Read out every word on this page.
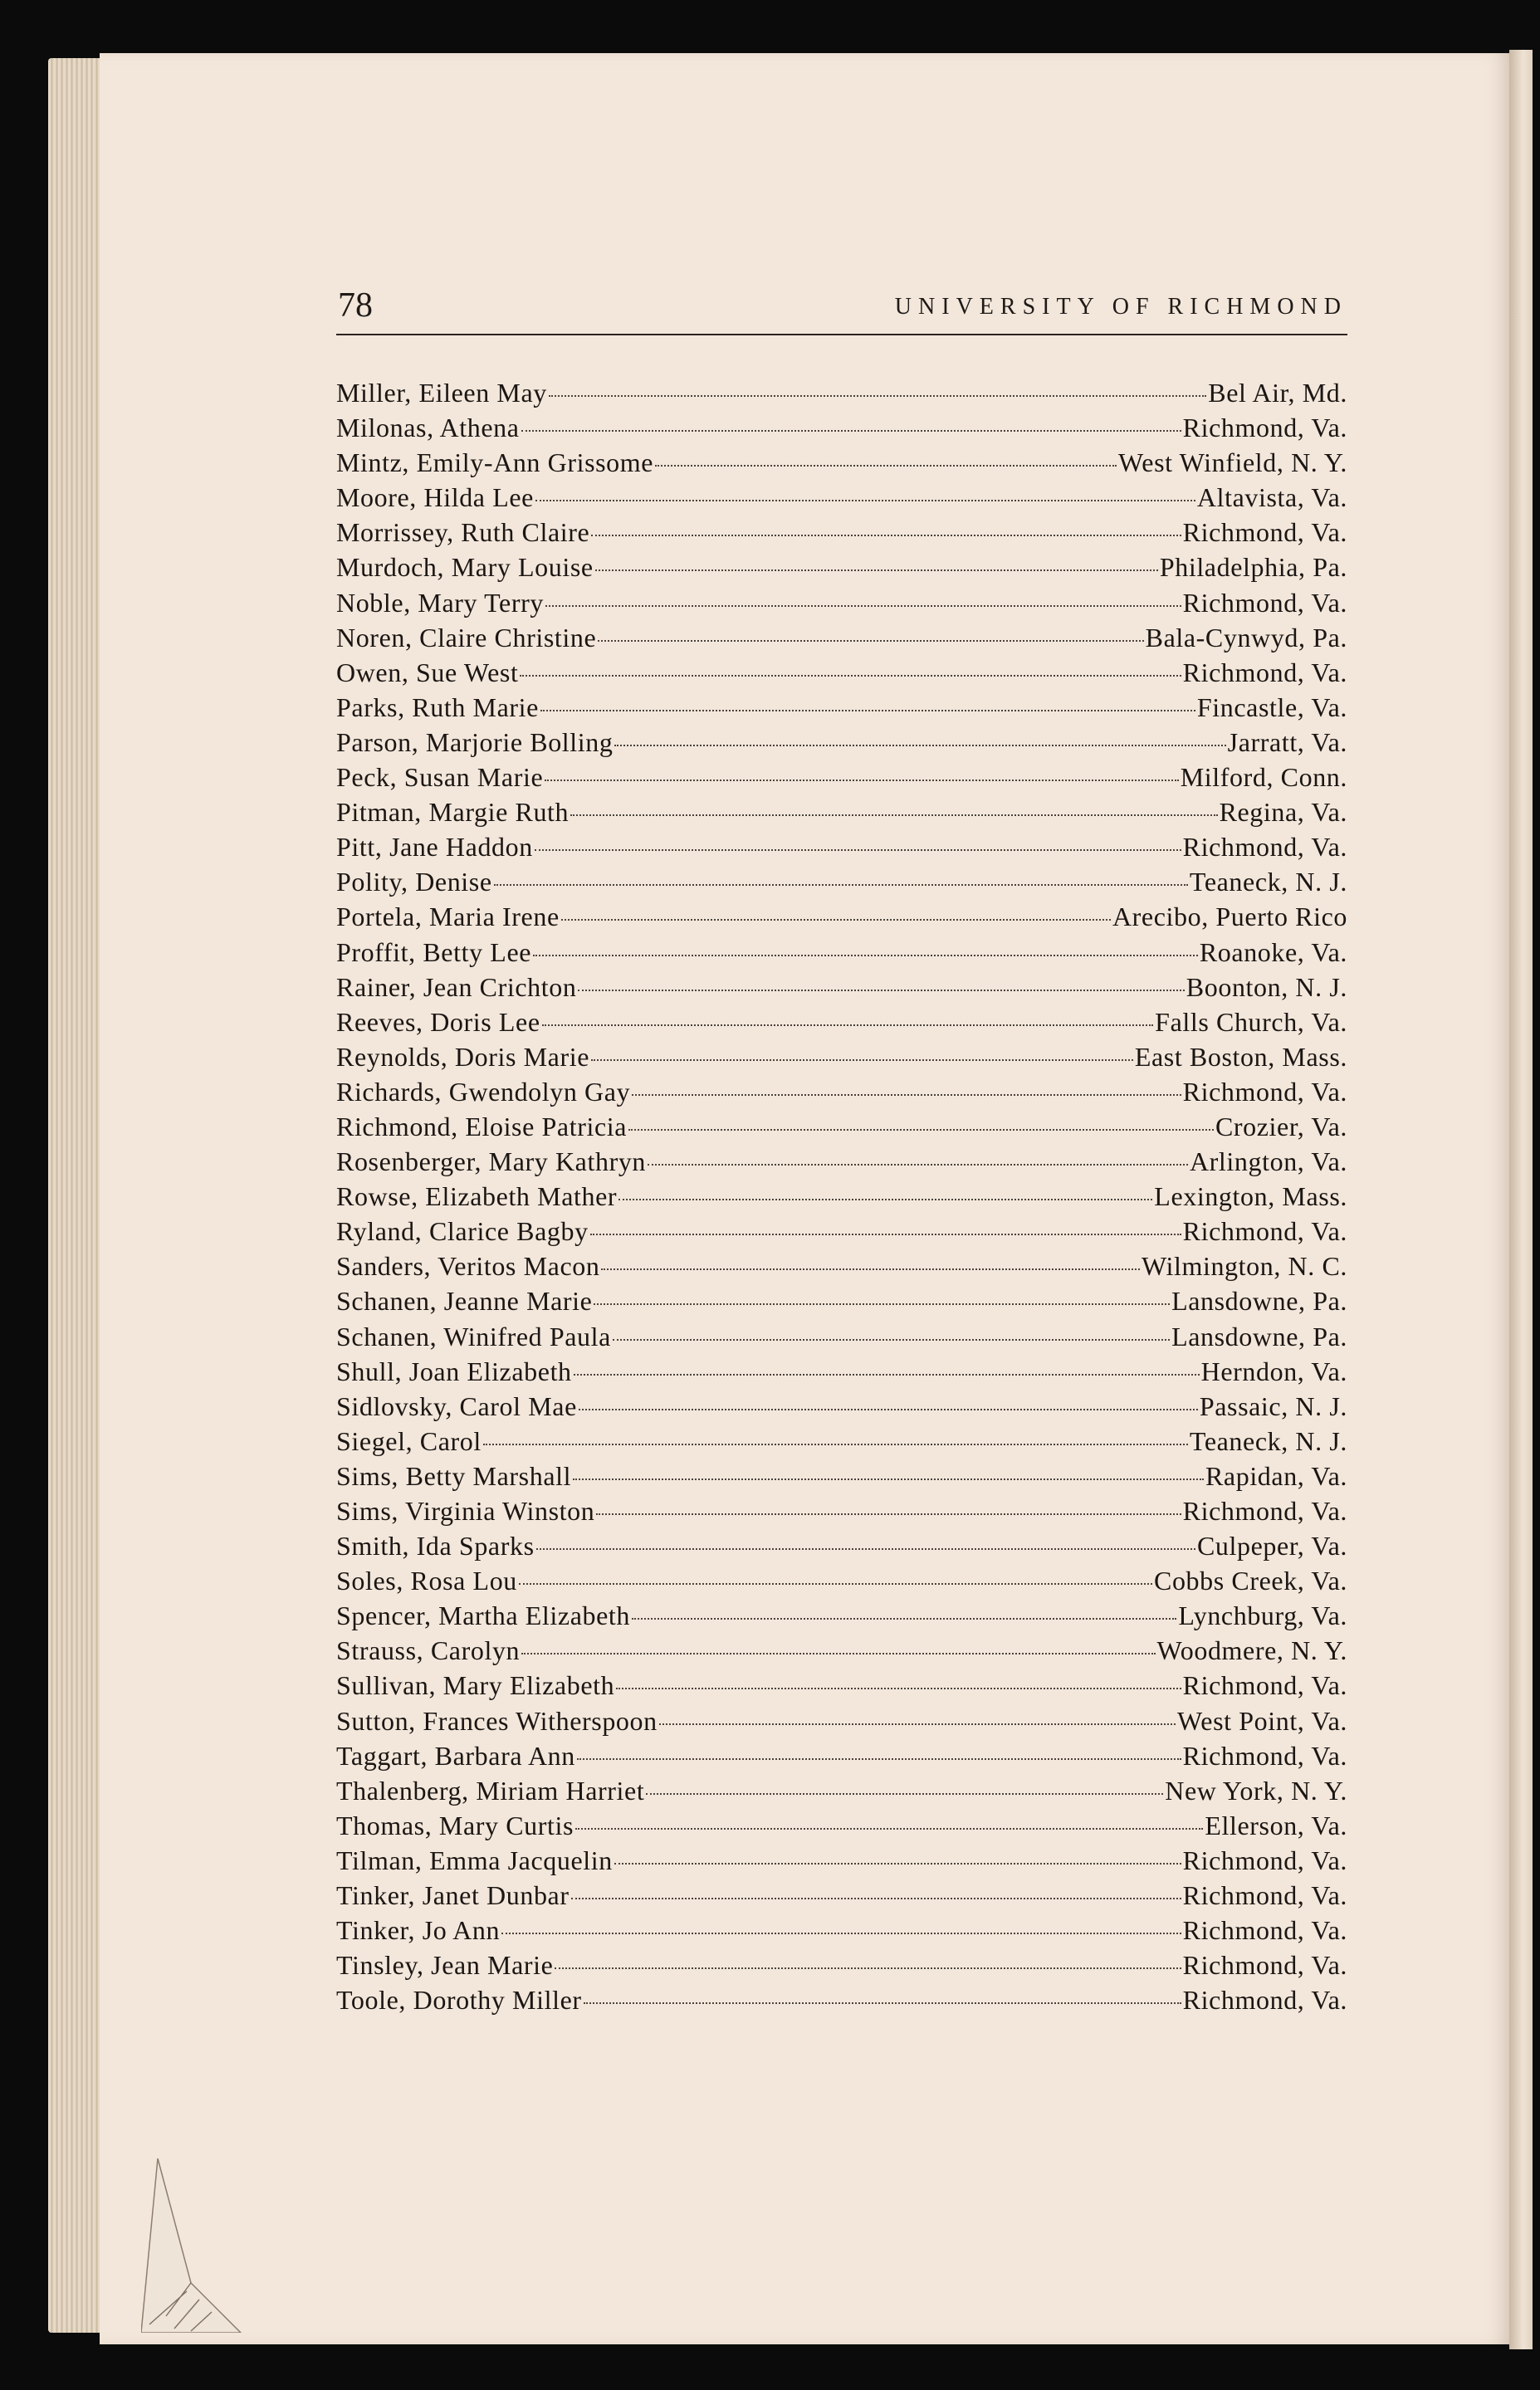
78	UNIVERSITY OF RICHMOND
Miller, Eileen May	Bel Air, Md.
Milonas, Athena	Richmond, Va.
Mintz, Emily-Ann Grissome	West Winfield, N. Y.
Moore, Hilda Lee	Altavista, Va.
Morrissey, Ruth Claire	Richmond, Va.
Murdoch, Mary Louise	Philadelphia, Pa.
Noble, Mary Terry	Richmond, Va.
Noren, Claire Christine	Bala-Cynwyd, Pa.
Owen, Sue West	Richmond, Va.
Parks, Ruth Marie	Fincastle, Va.
Parson, Marjorie Bolling	Jarratt, Va.
Peck, Susan Marie	Milford, Conn.
Pitman, Margie Ruth	Regina, Va.
Pitt, Jane Haddon	Richmond, Va.
Polity, Denise	Teaneck, N. J.
Portela, Maria Irene	Arecibo, Puerto Rico
Proffit, Betty Lee	Roanoke, Va.
Rainer, Jean Crichton	Boonton, N. J.
Reeves, Doris Lee	Falls Church, Va.
Reynolds, Doris Marie	East Boston, Mass.
Richards, Gwendolyn Gay	Richmond, Va.
Richmond, Eloise Patricia	Crozier, Va.
Rosenberger, Mary Kathryn	Arlington, Va.
Rowse, Elizabeth Mather	Lexington, Mass.
Ryland, Clarice Bagby	Richmond, Va.
Sanders, Veritos Macon	Wilmington, N. C.
Schanen, Jeanne Marie	Lansdowne, Pa.
Schanen, Winifred Paula	Lansdowne, Pa.
Shull, Joan Elizabeth	Herndon, Va.
Sidlovsky, Carol Mae	Passaic, N. J.
Siegel, Carol	Teaneck, N. J.
Sims, Betty Marshall	Rapidan, Va.
Sims, Virginia Winston	Richmond, Va.
Smith, Ida Sparks	Culpeper, Va.
Soles, Rosa Lou	Cobbs Creek, Va.
Spencer, Martha Elizabeth	Lynchburg, Va.
Strauss, Carolyn	Woodmere, N. Y.
Sullivan, Mary Elizabeth	Richmond, Va.
Sutton, Frances Witherspoon	West Point, Va.
Taggart, Barbara Ann	Richmond, Va.
Thalenberg, Miriam Harriet	New York, N. Y.
Thomas, Mary Curtis	Ellerson, Va.
Tilman, Emma Jacquelin	Richmond, Va.
Tinker, Janet Dunbar	Richmond, Va.
Tinker, Jo Ann	Richmond, Va.
Tinsley, Jean Marie	Richmond, Va.
Toole, Dorothy Miller	Richmond, Va.
